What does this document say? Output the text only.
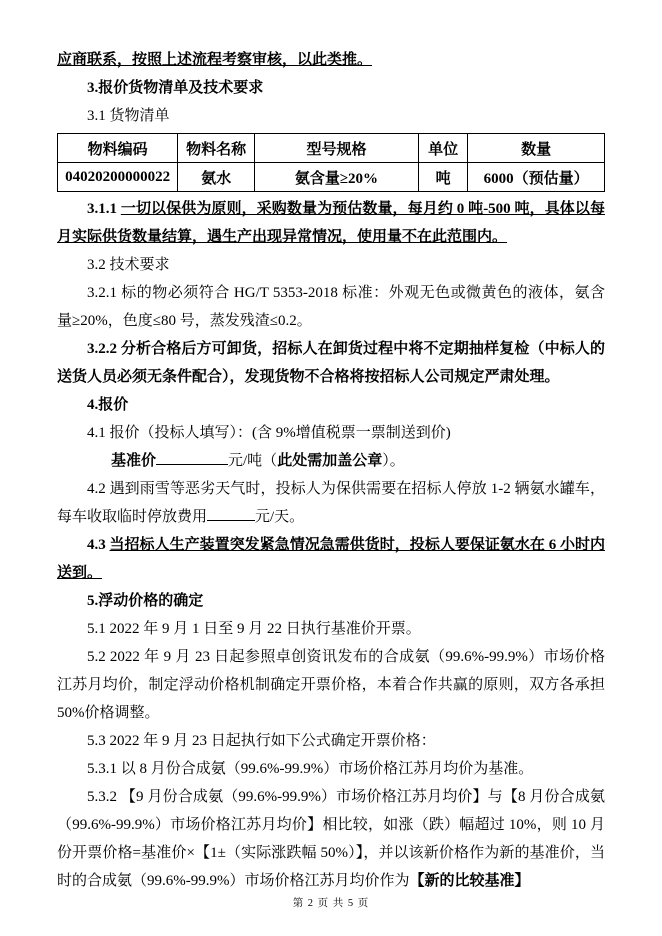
应商联系，按照上述流程考察审核，以此类推。

3.报价货物清单及技术要求

3.1 货物清单

物料编码	物料名称	型号规格	单位	数量
04020200000022	氨水	氨含量≥20%	吨	6000（预估量）

3.1.1 一切以保供为原则，采购数量为预估数量，每月约 0 吨-500 吨，具体以每月实际供货数量结算，遇生产出现异常情况，使用量不在此范围内。

3.2 技术要求

3.2.1 标的物必须符合 HG/T 5353-2018 标准：外观无色或微黄色的液体，氨含量≥20%，色度≤80 号，蒸发残渣≤0.2。

3.2.2 分析合格后方可卸货，招标人在卸货过程中将不定期抽样复检（中标人的送货人员必须无条件配合），发现货物不合格将按招标人公司规定严肃处理。

4.报价

4.1 报价（投标人填写）：(含 9%增值税票一票制送到价)

基准价	元/吨（此处需加盖公章）。

4.2 遇到雨雪等恶劣天气时，投标人为保供需要在招标人停放 1-2 辆氨水罐车，每车收取临时停放费用	元/天。

4.3 当招标人生产装置突发紧急情况急需供货时，投标人要保证氨水在 6 小时内送到。

5.浮动价格的确定

5.1 2022 年 9 月 1 日至 9 月 22 日执行基准价开票。

5.2 2022 年 9 月 23 日起参照卓创资讯发布的合成氨（99.6%-99.9%）市场价格江苏月均价，制定浮动价格机制确定开票价格，本着合作共赢的原则，双方各承担 50%价格调整。

5.3 2022 年 9 月 23 日起执行如下公式确定开票价格：

5.3.1 以 8 月份合成氨（99.6%-99.9%）市场价格江苏月均价为基准。

5.3.2 【9 月份合成氨（99.6%-99.9%）市场价格江苏月均价】与【8 月份合成氨（99.6%-99.9%）市场价格江苏月均价】相比较，如涨（跌）幅超过 10%，则 10 月份开票价格=基准价×【1±（实际涨跌幅 50%）】，并以该新价格作为新的基准价，当时的合成氨（99.6%-99.9%）市场价格江苏月均价作为【新的比较基准】

第 2 页 共 5 页
